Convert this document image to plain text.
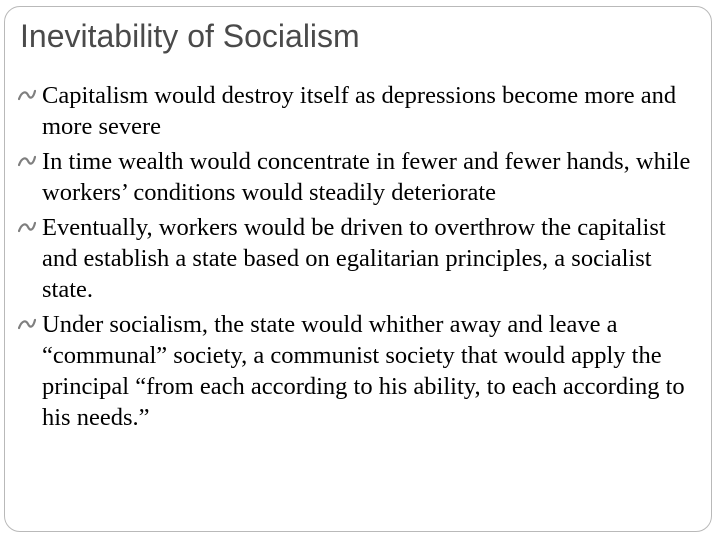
Inevitability of Socialism
Capitalism would destroy itself as depressions become more and more severe
In time wealth would concentrate in fewer and fewer hands, while workers’ conditions would steadily deteriorate
Eventually, workers would be driven to overthrow the capitalist and establish a state based on egalitarian principles, a socialist state.
Under socialism, the state would whither away and leave a “communal” society, a communist society that would apply the principal “from each according to his ability, to each according to his needs.”
